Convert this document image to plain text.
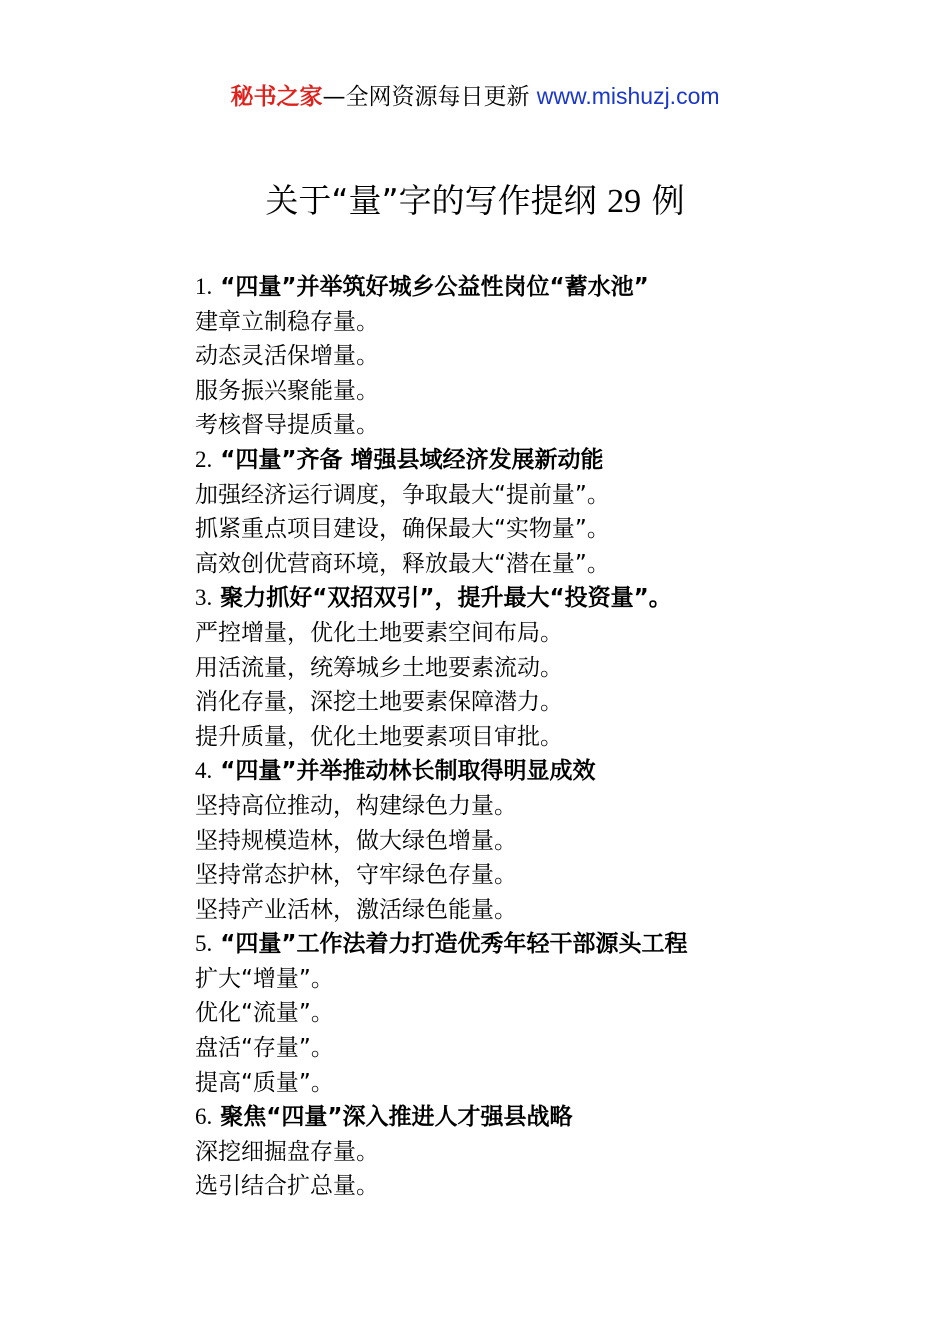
秘书之家—全网资源每日更新 www.mishuzj.com
关于“量”字的写作提纲 29 例
1. “四量”并举筑好城乡公益性岗位“蓄水池”
建章立制稳存量。
动态灵活保增量。
服务振兴聚能量。
考核督导提质量。
2. “四量”齐备 增强县域经济发展新动能
加强经济运行调度，争取最大“提前量”。
抓紧重点项目建设，确保最大“实物量”。
高效创优营商环境，释放最大“潜在量”。
3. 聚力抓好“双招双引”，提升最大“投资量”。
严控增量，优化土地要素空间布局。
用活流量，统筹城乡土地要素流动。
消化存量，深挖土地要素保障潜力。
提升质量，优化土地要素项目审批。
4. “四量”并举推动林长制取得明显成效
坚持高位推动，构建绿色力量。
坚持规模造林，做大绿色增量。
坚持常态护林，守牢绿色存量。
坚持产业活林，激活绿色能量。
5. “四量”工作法着力打造优秀年轻干部源头工程
扩大“增量”。
优化“流量”。
盘活“存量”。
提高“质量”。
6. 聚焦“四量”深入推进人才强县战略
深挖细掘盘存量。
选引结合扩总量。
